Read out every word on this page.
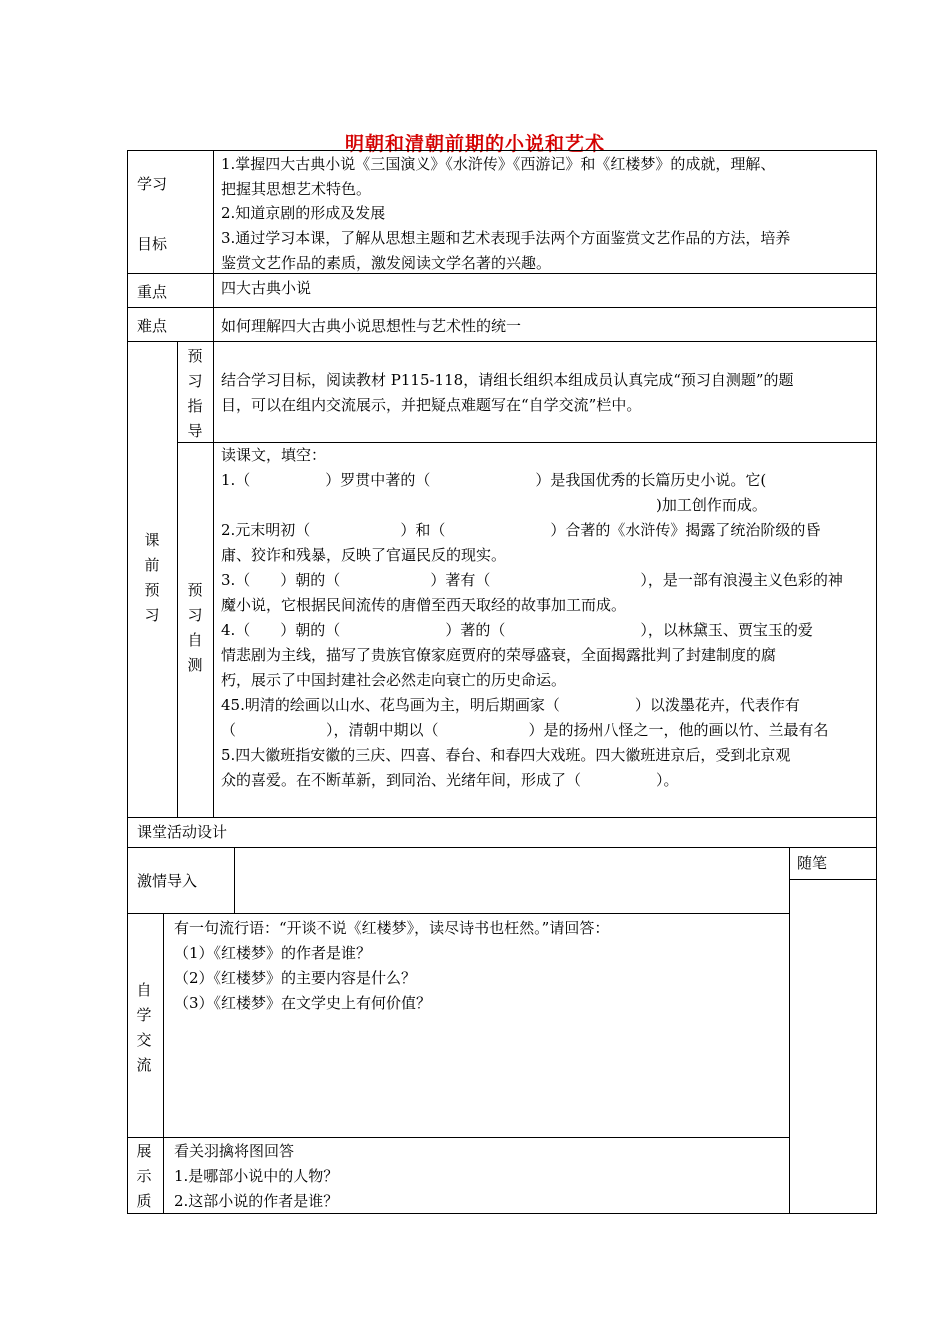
明朝和清朝前期的小说和艺术
学习
目标
1.掌握四大古典小说《三国演义》《水浒传》《西游记》和《红楼梦》的成就，理解、
把握其思想艺术特色。
2.知道京剧的形成及发展
3.通过学习本课，了解从思想主题和艺术表现手法两个方面鉴赏文艺作品的方法，培养
鉴赏文艺作品的素质，激发阅读文学名著的兴趣。
重点	四大古典小说
难点	如何理解四大古典小说思想性与艺术性的统一
课前预习
预习指导
结合学习目标，阅读教材 P115-118，请组长组织本组成员认真完成“预习自测题”的题
目，可以在组内交流展示，并把疑点难题写在“自学交流”栏中。
预习自测
读课文，填空：
1.（　　　　　）罗贯中著的（　　　　　　　）是我国优秀的长篇历史小说。它(
　　　　　　　　　　　　　　　　　　　　　　　　　　　　　)加工创作而成。
2.元末明初（　　　　　　）和（　　　　　　　）合著的《水浒传》揭露了统治阶级的昏
庸、狡诈和残暴，反映了官逼民反的现实。
3.（　　）朝的（　　　　　　）著有（　　　　　　　　　　），是一部有浪漫主义色彩的神
魔小说，它根据民间流传的唐僧至西天取经的故事加工而成。
4.（　　）朝的（　　　　　　　）著的（　　　　　　　　　），以林黛玉、贾宝玉的爱
情悲剧为主线，描写了贵族官僚家庭贾府的荣辱盛衰，全面揭露批判了封建制度的腐
朽，展示了中国封建社会必然走向衰亡的历史命运。
45.明清的绘画以山水、花鸟画为主，明后期画家（　　　　　）以泼墨花卉，代表作有
（　　　　　　），清朝中期以（　　　　　　）是的扬州八怪之一，他的画以竹、兰最有名
5.四大徽班指安徽的三庆、四喜、春台、和春四大戏班。四大徽班进京后，受到北京观
众的喜爱。在不断革新，到同治、光绪年间，形成了（　　　　　）。
课堂活动设计
激情导入
随笔
自学交流
有一句流行语：“开谈不说《红楼梦》，读尽诗书也枉然。”请回答：
（1）《红楼梦》的作者是谁？
（2）《红楼梦》的主要内容是什么？
（3）《红楼梦》在文学史上有何价值？
展示质
看关羽擒将图回答
1.是哪部小说中的人物？
2.这部小说的作者是谁？
